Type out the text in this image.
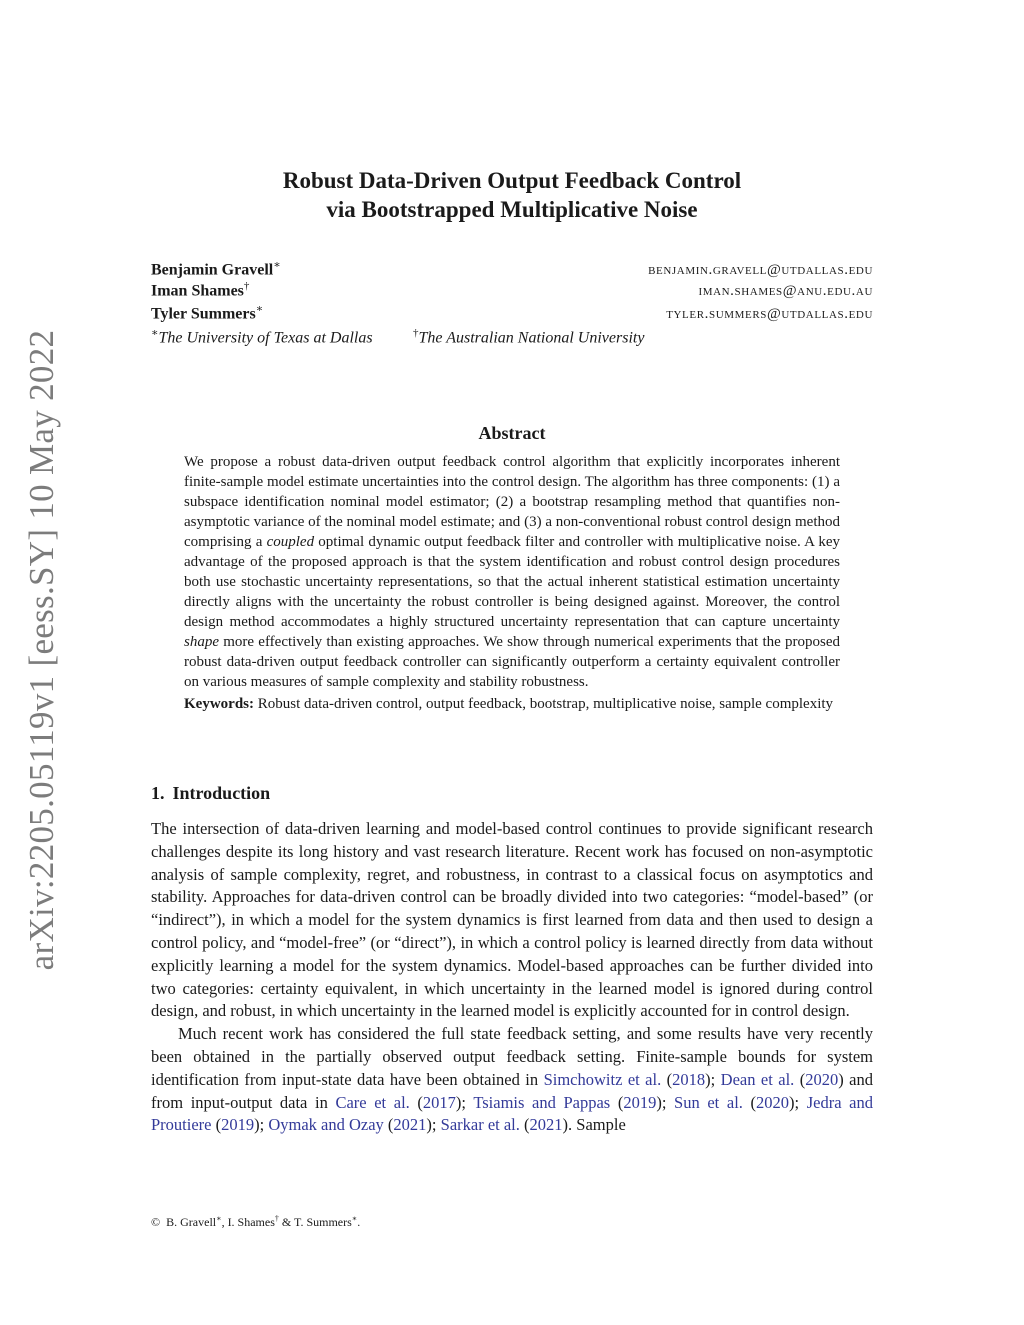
arXiv:2205.05119v1 [eess.SY] 10 May 2022
Robust Data-Driven Output Feedback Control
via Bootstrapped Multiplicative Noise
Benjamin Gravell∗	benjamin.gravell@utdallas.edu
Iman Shames†	iman.shames@anu.edu.au
Tyler Summers∗	tyler.summers@utdallas.edu
∗The University of Texas at Dallas	†The Australian National University
Abstract

We propose a robust data-driven output feedback control algorithm that explicitly incorporates inherent finite-sample model estimate uncertainties into the control design. The algorithm has three components: (1) a subspace identification nominal model estimator; (2) a bootstrap resampling method that quantifies non-asymptotic variance of the nominal model estimate; and (3) a non-conventional robust control design method comprising a coupled optimal dynamic output feedback filter and controller with multiplicative noise. A key advantage of the proposed approach is that the system identification and robust control design procedures both use stochastic uncertainty representations, so that the actual inherent statistical estimation uncertainty directly aligns with the uncertainty the robust controller is being designed against. Moreover, the control design method accommodates a highly structured uncertainty representation that can capture uncertainty shape more effectively than existing approaches. We show through numerical experiments that the proposed robust data-driven output feedback controller can significantly outperform a certainty equivalent controller on various measures of sample complexity and stability robustness.

Keywords: Robust data-driven control, output feedback, bootstrap, multiplicative noise, sample complexity

1. Introduction

The intersection of data-driven learning and model-based control continues to provide significant research challenges despite its long history and vast research literature. Recent work has focused on non-asymptotic analysis of sample complexity, regret, and robustness, in contrast to a classical focus on asymptotics and stability. Approaches for data-driven control can be broadly divided into two categories: “model-based” (or “indirect”), in which a model for the system dynamics is first learned from data and then used to design a control policy, and “model-free” (or “direct”), in which a control policy is learned directly from data without explicitly learning a model for the system dynamics. Model-based approaches can be further divided into two categories: certainty equivalent, in which uncertainty in the learned model is ignored during control design, and robust, in which uncertainty in the learned model is explicitly accounted for in control design.

Much recent work has considered the full state feedback setting, and some results have very recently been obtained in the partially observed output feedback setting. Finite-sample bounds for system identification from input-state data have been obtained in Simchowitz et al. (2018); Dean et al. (2020) and from input-output data in Care et al. (2017); Tsiamis and Pappas (2019); Sun et al. (2020); Jedra and Proutiere (2019); Oymak and Ozay (2021); Sarkar et al. (2021). Sample

© B. Gravell∗, I. Shames† & T. Summers∗.
